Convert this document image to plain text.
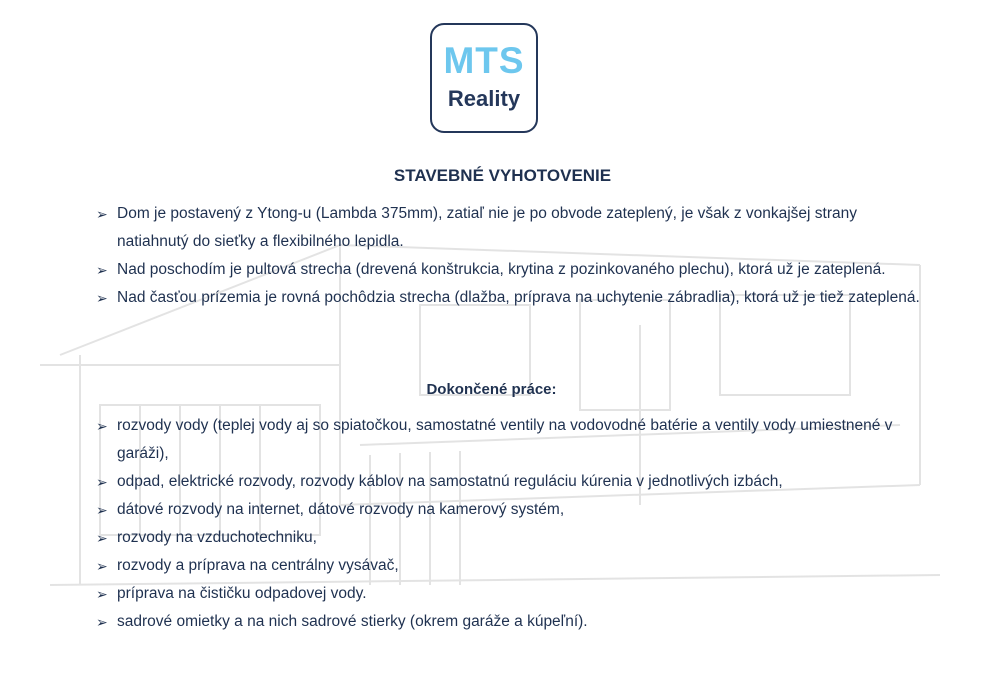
MTS
Reality
STAVEBNÉ VYHOTOVENIE
➢ Dom je postavený z Ytong-u (Lambda 375mm), zatiaľ nie je po obvode zateplený, je však z vonkajšej strany natiahnutý do sieťky a flexibilného lepidla.
➢ Nad poschodím je pultová strecha (drevená konštrukcia, krytina z pozinkovaného plechu), ktorá už je zateplená.
➢ Nad časťou prízemia je rovná pochôdzia strecha (dlažba, príprava na uchytenie zábradlia), ktorá už je tiež zateplená.
Dokončené práce:
➢ rozvody vody (teplej vody aj so spiatočkou, samostatné ventily na vodovodné batérie a ventily vody umiestnené v garáži),
➢ odpad, elektrické rozvody, rozvody káblov na samostatnú reguláciu kúrenia v jednotlivých izbách,
➢ dátové rozvody na internet, dátové rozvody na kamerový systém,
➢ rozvody na vzduchotechniku,
➢ rozvody a príprava na centrálny vysávač,
➢ príprava na čističku odpadovej vody.
➢ sadrové omietky a na nich sadrové stierky (okrem garáže a kúpeľní).
